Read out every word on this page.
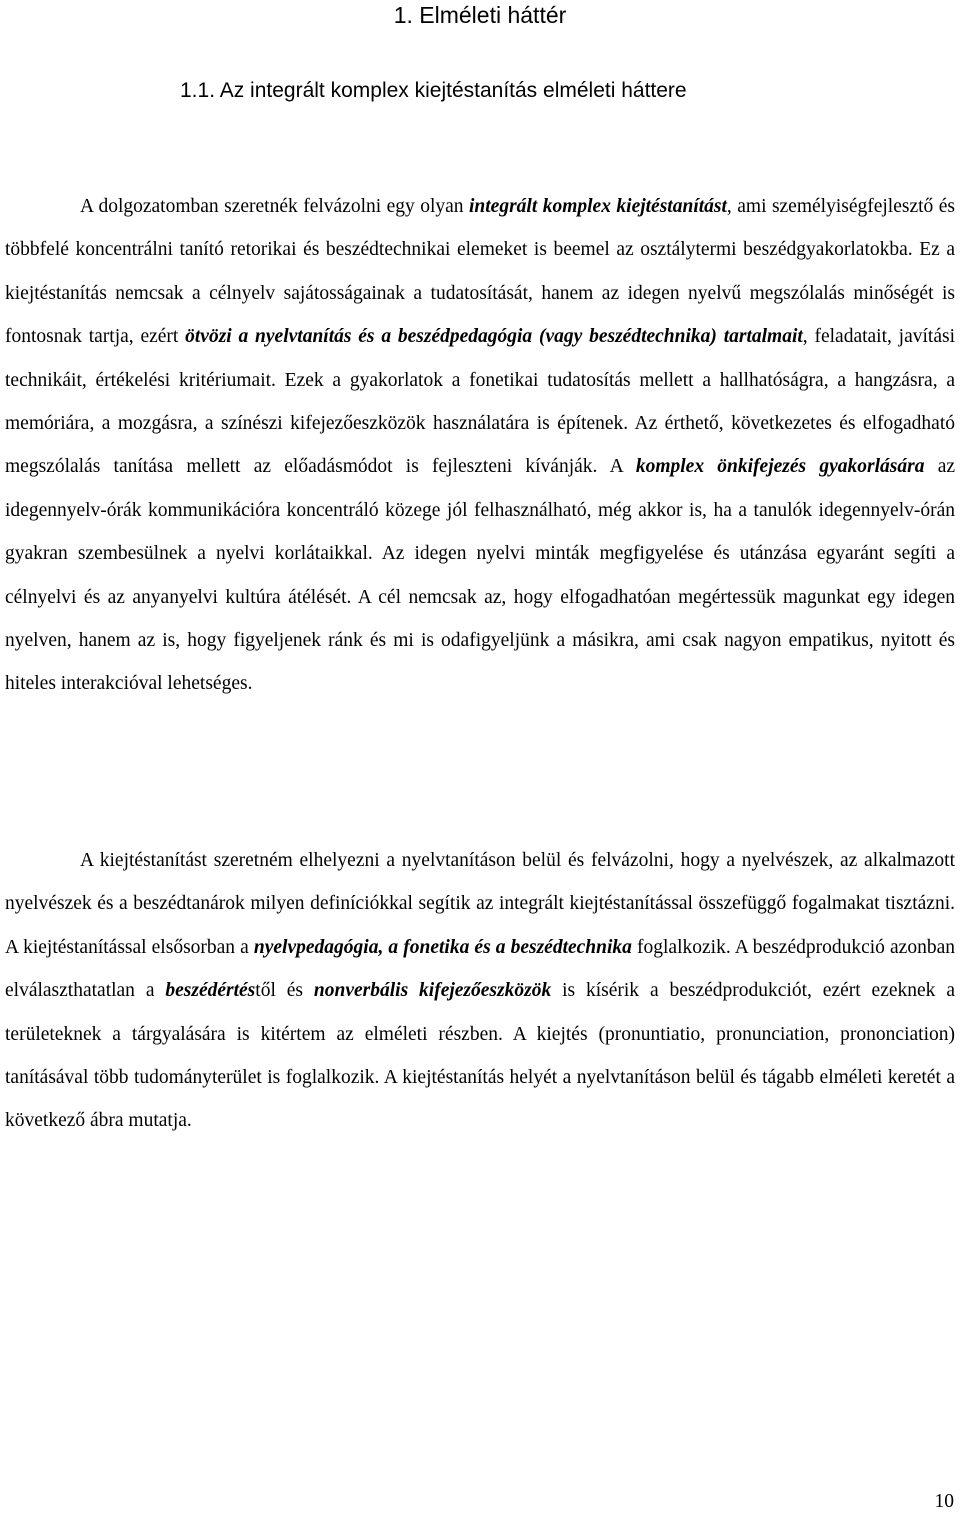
1. Elméleti háttér
1.1. Az integrált komplex kiejtéstanítás elméleti háttere

A dolgozatomban szeretnék felvázolni egy olyan integrált komplex kiejtéstanítást, ami személyiségfejlesztő és többfelé koncentrálni tanító retorikai és beszédtechnikai elemeket is beemel az osztálytermi beszédgyakorlatokba. Ez a kiejtéstanítás nemcsak a célnyelv sajátosságainak a tudatosítását, hanem az idegen nyelvű megszólalás minőségét is fontosnak tartja, ezért ötvözi a nyelvtanítás és a beszédpedagógia (vagy beszédtechnika) tartalmait, feladatait, javítási technikáit, értékelési kritériumait. Ezek a gyakorlatok a fonetikai tudatosítás mellett a hallhatóságra, a hangzásra, a memóriára, a mozgásra, a színészi kifejezőeszközök használatára is építenek. Az érthető, következetes és elfogadható megszólalás tanítása mellett az előadásmódot is fejleszteni kívánják. A komplex önkifejezés gyakorlására az idegennyelv-órák kommunikációra koncentráló közege jól felhasználható, még akkor is, ha a tanulók idegennyelv-órán gyakran szembesülnek a nyelvi korlátaikkal. Az idegen nyelvi minták megfigyelése és utánzása egyaránt segíti a célnyelvi és az anyanyelvi kultúra átélését. A cél nemcsak az, hogy elfogadhatóan megértessük magunkat egy idegen nyelven, hanem az is, hogy figyeljenek ránk és mi is odafigyeljünk a másikra, ami csak nagyon empatikus, nyitott és hiteles interakcióval lehetséges.

A kiejtéstanítást szeretném elhelyezni a nyelvtanításon belül és felvázolni, hogy a nyelvészek, az alkalmazott nyelvészek és a beszédtanárok milyen definíciókkal segítik az integrált kiejtéstanítással összefüggő fogalmakat tisztázni. A kiejtéstanítással elsősorban a nyelvpedagógia, a fonetika és a beszédtechnika foglalkozik. A beszédprodukció azonban elválaszthatatlan a beszédértéstől és nonverbális kifejezőeszközök is kísérik a beszédprodukciót, ezért ezeknek a területeknek a tárgyalására is kitértem az elméleti részben. A kiejtés (pronuntiatio, pronunciation, prononciation) tanításával több tudományterület is foglalkozik. A kiejtéstanítás helyét a nyelvtanításon belül és tágabb elméleti keretét a következő ábra mutatja.

10
